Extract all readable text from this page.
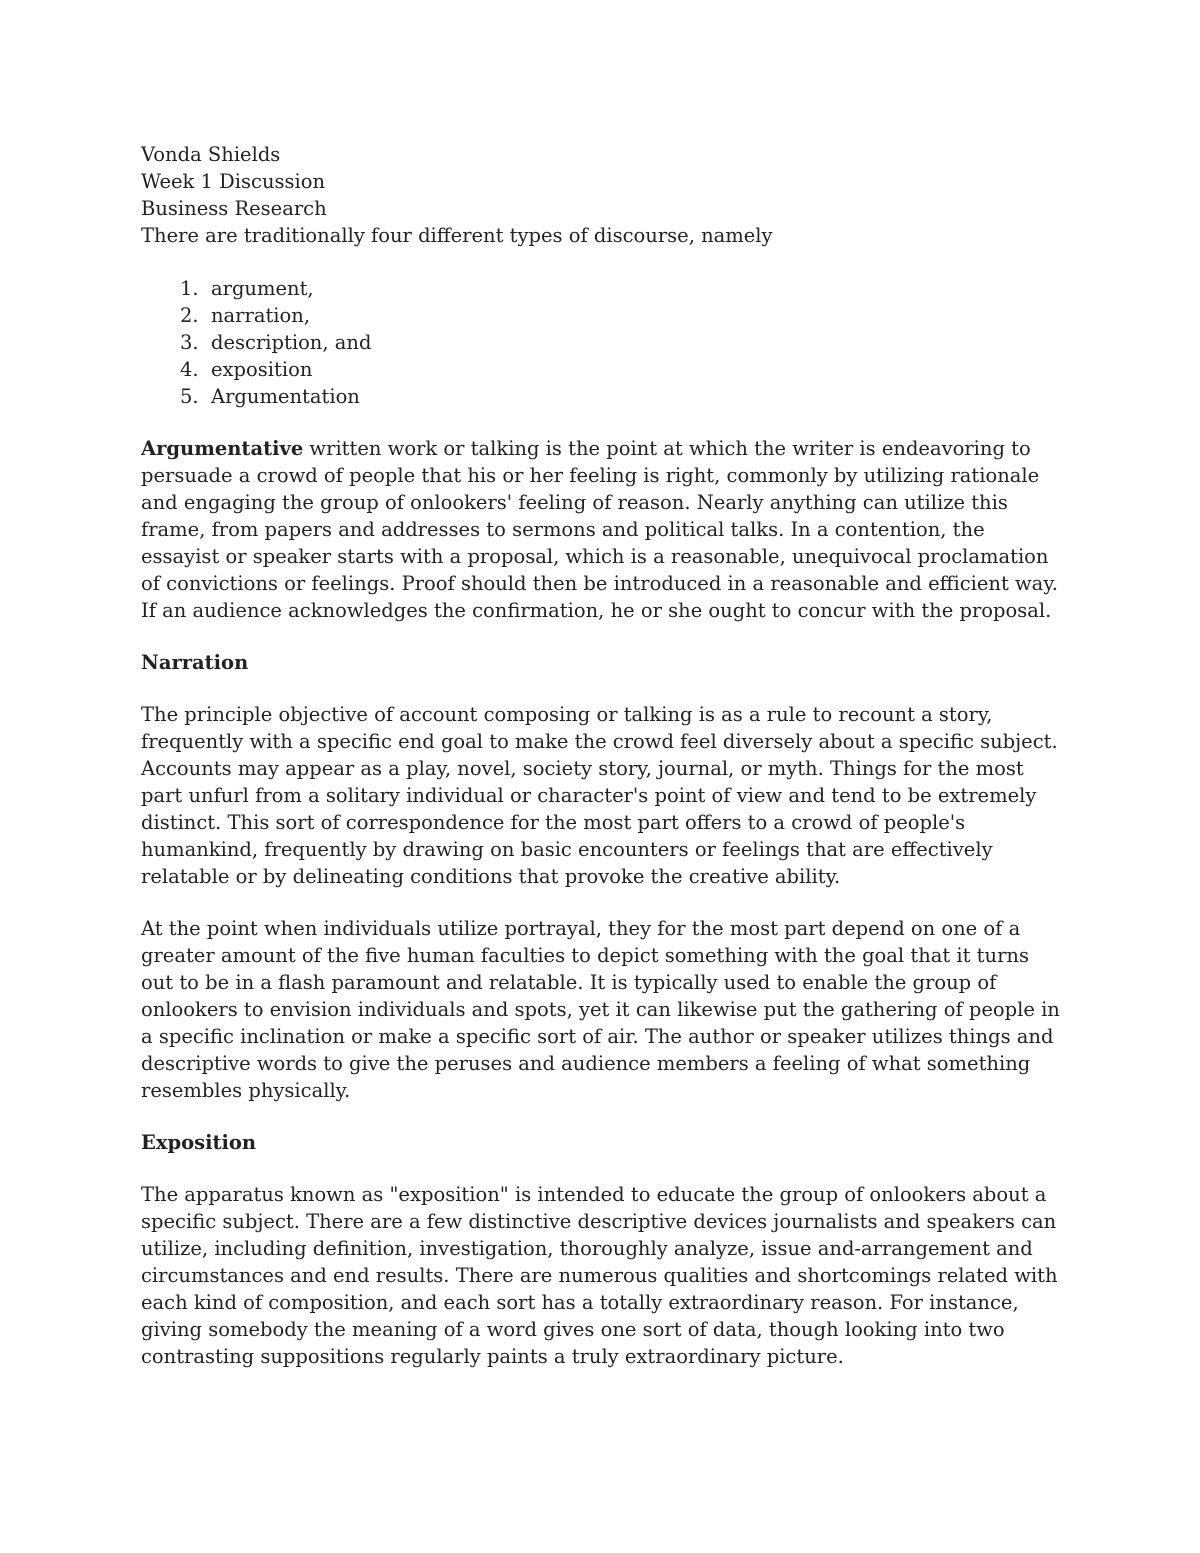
Vonda Shields
Week 1 Discussion
Business Research

There are traditionally four different types of discourse, namely

1. argument,
2. narration,
3. description, and
4. exposition
5. Argumentation

Argumentative written work or talking is the point at which the writer is endeavoring to persuade a crowd of people that his or her feeling is right, commonly by utilizing rationale and engaging the group of onlookers' feeling of reason. Nearly anything can utilize this frame, from papers and addresses to sermons and political talks. In a contention, the essayist or speaker starts with a proposal, which is a reasonable, unequivocal proclamation of convictions or feelings. Proof should then be introduced in a reasonable and efficient way. If an audience acknowledges the confirmation, he or she ought to concur with the proposal.

Narration

The principle objective of account composing or talking is as a rule to recount a story, frequently with a specific end goal to make the crowd feel diversely about a specific subject. Accounts may appear as a play, novel, society story, journal, or myth. Things for the most part unfurl from a solitary individual or character's point of view and tend to be extremely distinct. This sort of correspondence for the most part offers to a crowd of people's humankind, frequently by drawing on basic encounters or feelings that are effectively relatable or by delineating conditions that provoke the creative ability.

At the point when individuals utilize portrayal, they for the most part depend on one of a greater amount of the five human faculties to depict something with the goal that it turns out to be in a flash paramount and relatable. It is typically used to enable the group of onlookers to envision individuals and spots, yet it can likewise put the gathering of people in a specific inclination or make a specific sort of air. The author or speaker utilizes things and descriptive words to give the peruses and audience members a feeling of what something resembles physically.

Exposition

The apparatus known as "exposition" is intended to educate the group of onlookers about a specific subject. There are a few distinctive descriptive devices journalists and speakers can utilize, including definition, investigation, thoroughly analyze, issue and-arrangement and circumstances and end results. There are numerous qualities and shortcomings related with each kind of composition, and each sort has a totally extraordinary reason. For instance, giving somebody the meaning of a word gives one sort of data, though looking into two contrasting suppositions regularly paints a truly extraordinary picture.
